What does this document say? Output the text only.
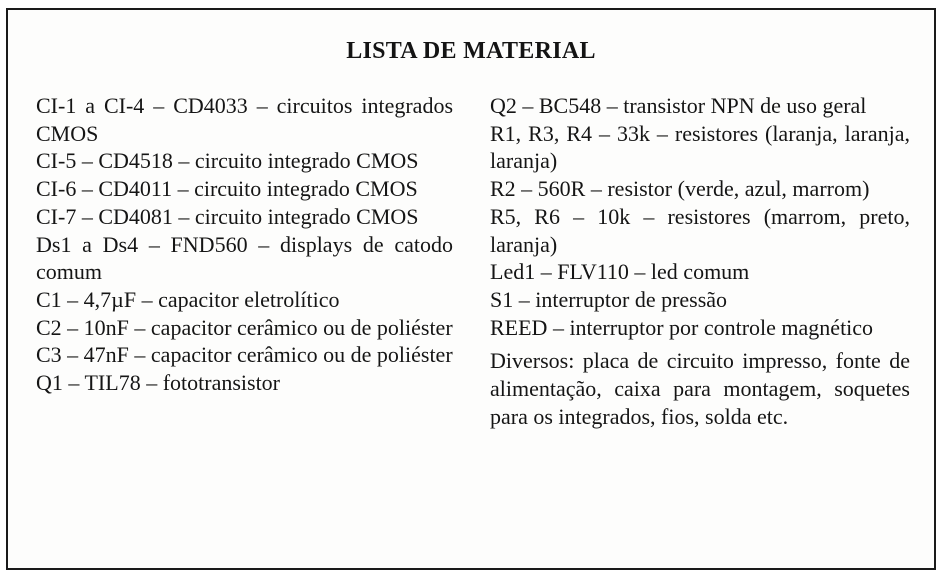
LISTA DE MATERIAL

CI-1 a CI-4 – CD4033 – circuitos integrados CMOS

CI-5 – CD4518 – circuito integrado CMOS

CI-6 – CD4011 – circuito integrado CMOS

CI-7 – CD4081 – circuito integrado CMOS

Ds1 a Ds4 – FND560 – displays de catodo comum

C1 – 4,7µF – capacitor eletrolítico

C2 – 10nF – capacitor cerâmico ou de poliéster

C3 – 47nF – capacitor cerâmico ou de poliéster

Q1 – TIL78 – fototransistor

Q2 – BC548 – transistor NPN de uso geral

R1, R3, R4 – 33k – resistores (laranja, laranja, laranja)

R2 – 560R – resistor (verde, azul, marrom)

R5, R6 – 10k – resistores (marrom, preto, laranja)

Led1 – FLV110 – led comum

S1 – interruptor de pressão

REED – interruptor por controle magnético

Diversos: placa de circuito impresso, fonte de alimentação, caixa para montagem, soquetes para os integrados, fios, solda etc.
